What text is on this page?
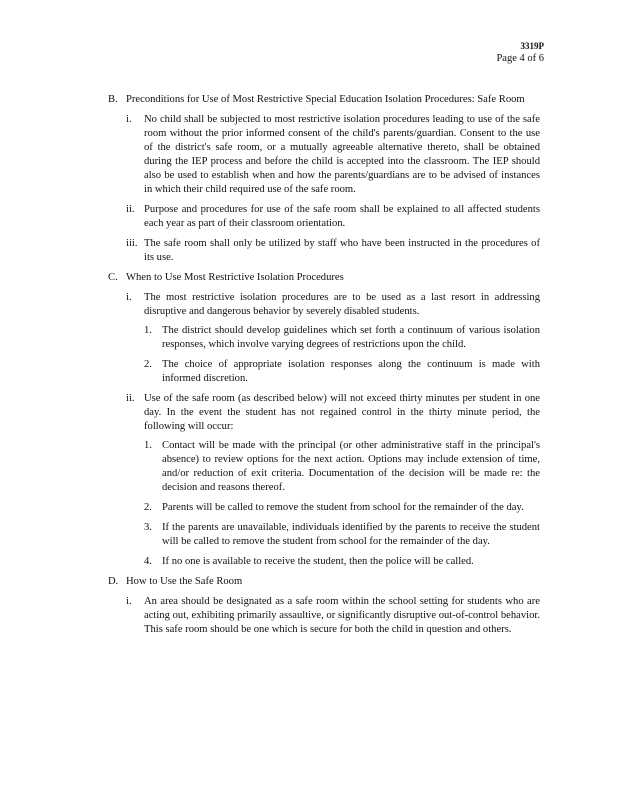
3319P
Page 4 of 6
B. Preconditions for Use of Most Restrictive Special Education Isolation Procedures: Safe Room
i. No child shall be subjected to most restrictive isolation procedures leading to use of the safe room without the prior informed consent of the child's parents/guardian. Consent to the use of the district's safe room, or a mutually agreeable alternative thereto, shall be obtained during the IEP process and before the child is accepted into the classroom. The IEP should also be used to establish when and how the parents/guardians are to be advised of instances in which their child required use of the safe room.
ii. Purpose and procedures for use of the safe room shall be explained to all affected students each year as part of their classroom orientation.
iii. The safe room shall only be utilized by staff who have been instructed in the procedures of its use.
C. When to Use Most Restrictive Isolation Procedures
i. The most restrictive isolation procedures are to be used as a last resort in addressing disruptive and dangerous behavior by severely disabled students.
1. The district should develop guidelines which set forth a continuum of various isolation responses, which involve varying degrees of restrictions upon the child.
2. The choice of appropriate isolation responses along the continuum is made with informed discretion.
ii. Use of the safe room (as described below) will not exceed thirty minutes per student in one day. In the event the student has not regained control in the thirty minute period, the following will occur:
1. Contact will be made with the principal (or other administrative staff in the principal's absence) to review options for the next action. Options may include extension of time, and/or reduction of exit criteria. Documentation of the decision will be made re: the decision and reasons thereof.
2. Parents will be called to remove the student from school for the remainder of the day.
3. If the parents are unavailable, individuals identified by the parents to receive the student will be called to remove the student from school for the remainder of the day.
4. If no one is available to receive the student, then the police will be called.
D. How to Use the Safe Room
i. An area should be designated as a safe room within the school setting for students who are acting out, exhibiting primarily assaultive, or significantly disruptive out-of-control behavior. This safe room should be one which is secure for both the child in question and others.
